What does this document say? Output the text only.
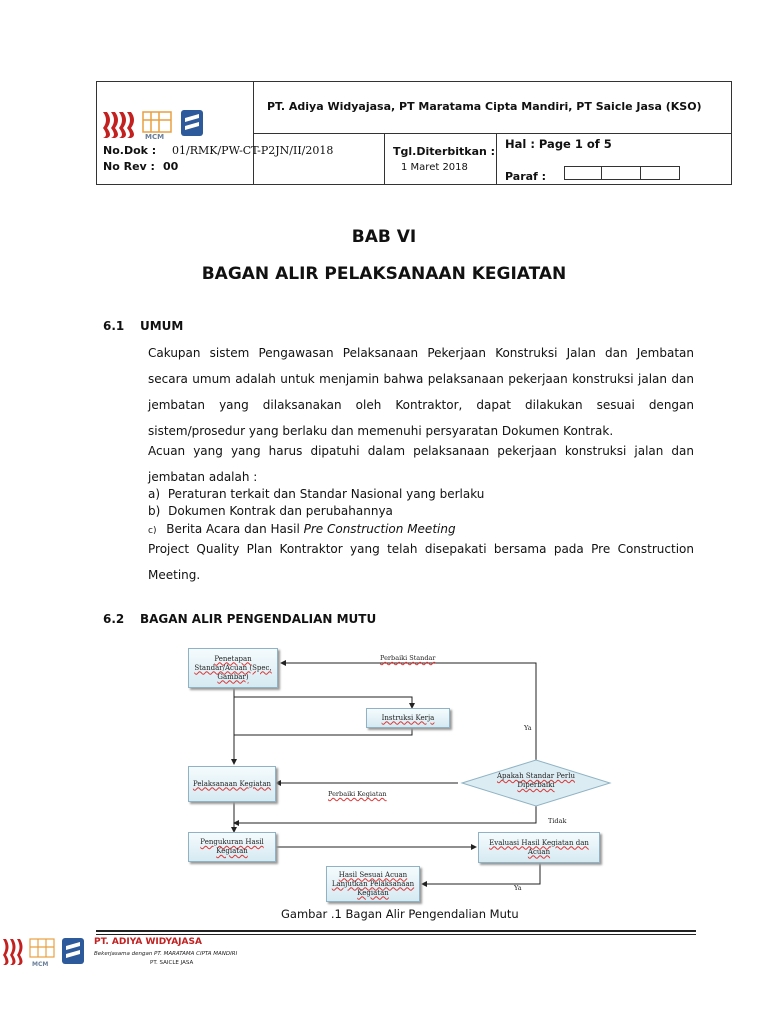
PT. Adiya Widyajasa, PT Maratama Cipta Mandiri, PT Saicle Jasa (KSO)
No.Dok : 01/RMK/PW-CT-P2JN/II/2018
No Rev : 00
Tgl.Diterbitkan :
1 Maret 2018
Hal : Page 1 of 5
Paraf :
MCM
BAB VI
BAGAN ALIR PELAKSANAAN KEGIATAN
6.1 UMUM
Cakupan sistem Pengawasan Pelaksanaan Pekerjaan Konstruksi Jalan dan Jembatan secara umum adalah untuk menjamin bahwa pelaksanaan pekerjaan konstruksi jalan dan jembatan yang dilaksanakan oleh Kontraktor, dapat dilakukan sesuai dengan sistem/prosedur yang berlaku dan memenuhi persyaratan Dokumen Kontrak.
Acuan yang yang harus dipatuhi dalam pelaksanaan pekerjaan konstruksi jalan dan jembatan adalah :
a) Peraturan terkait dan Standar Nasional yang berlaku
b) Dokumen Kontrak dan perubahannya
c) Berita Acara dan Hasil Pre Construction Meeting
Project Quality Plan Kontraktor yang telah disepakati bersama pada Pre Construction Meeting.
6.2 BAGAN ALIR PENGENDALIAN MUTU
Penetapan Standar/Acuan (Spec, Gambar)
Instruksi Kerja
Pelaksanaan Kegiatan
Apakah Standar Perlu Diperbaiki
Pengukuran Hasil Kegiatan
Evaluasi Hasil Kegiatan dan Acuan
Hasil Sesuai Acuan Lanjutkan Pelaksanaan Kegiatan
Perbaiki Standar
Perbaiki Kegiatan
Ya
Tidak
Ya
Gambar .1 Bagan Alir Pengendalian Mutu
MCM
PT. ADIYA WIDYAJASA
Bekerjasama dengan PT. MARATAMA CIPTA MANDIRI
PT. SAICLE JASA
